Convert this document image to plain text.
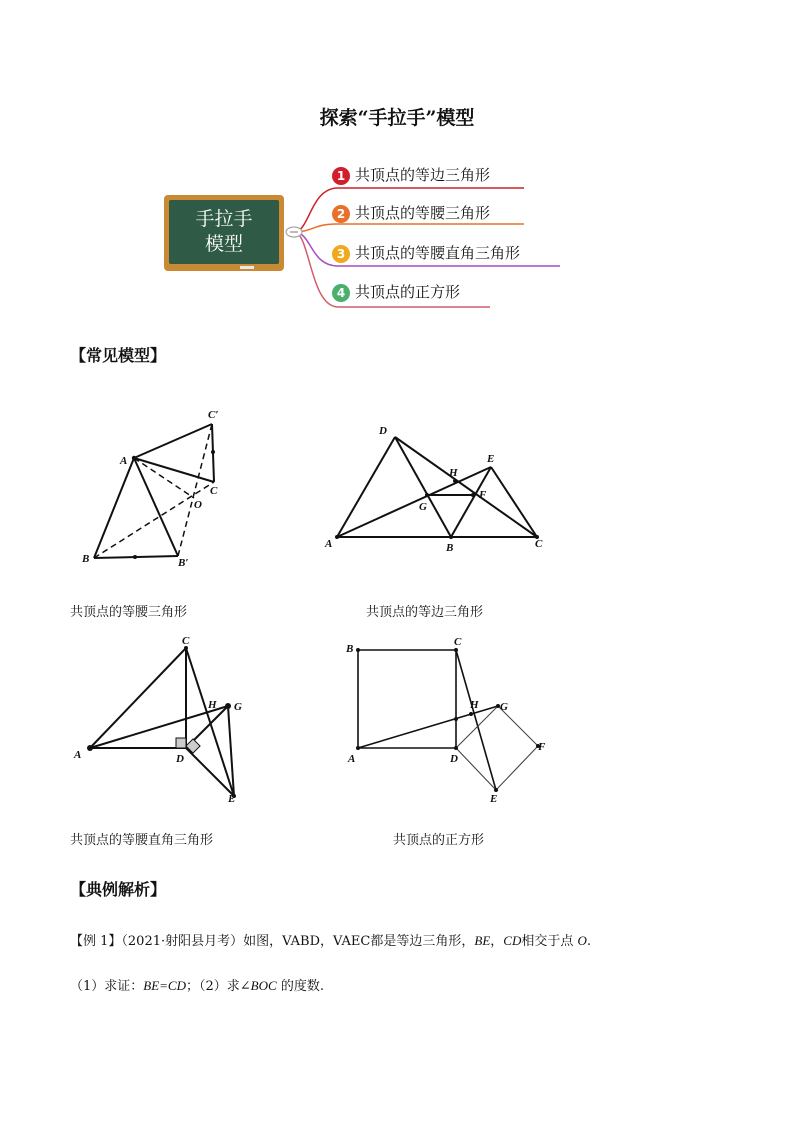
探索“手拉手”模型
手拉手
模型
1 共顶点的等边三角形
2 共顶点的等腰三角形
3 共顶点的等腰直角三角形
4 共顶点的正方形
【常见模型】
A
B	B′
C
C′
O
共顶点的等腰三角形
A	B	C
D
E
F
G
H
共顶点的等边三角形
A
C
D
E
G
H
共顶点的等腰直角三角形
B
C
A	D
G
F
E
H
共顶点的正方形
【典例解析】
【例 1】（2021·射阳县月考）如图，VABD，VAEC都是等边三角形，BE，CD相交于点 O.
（1）求证：BE=CD；（2）求∠BOC 的度数.
